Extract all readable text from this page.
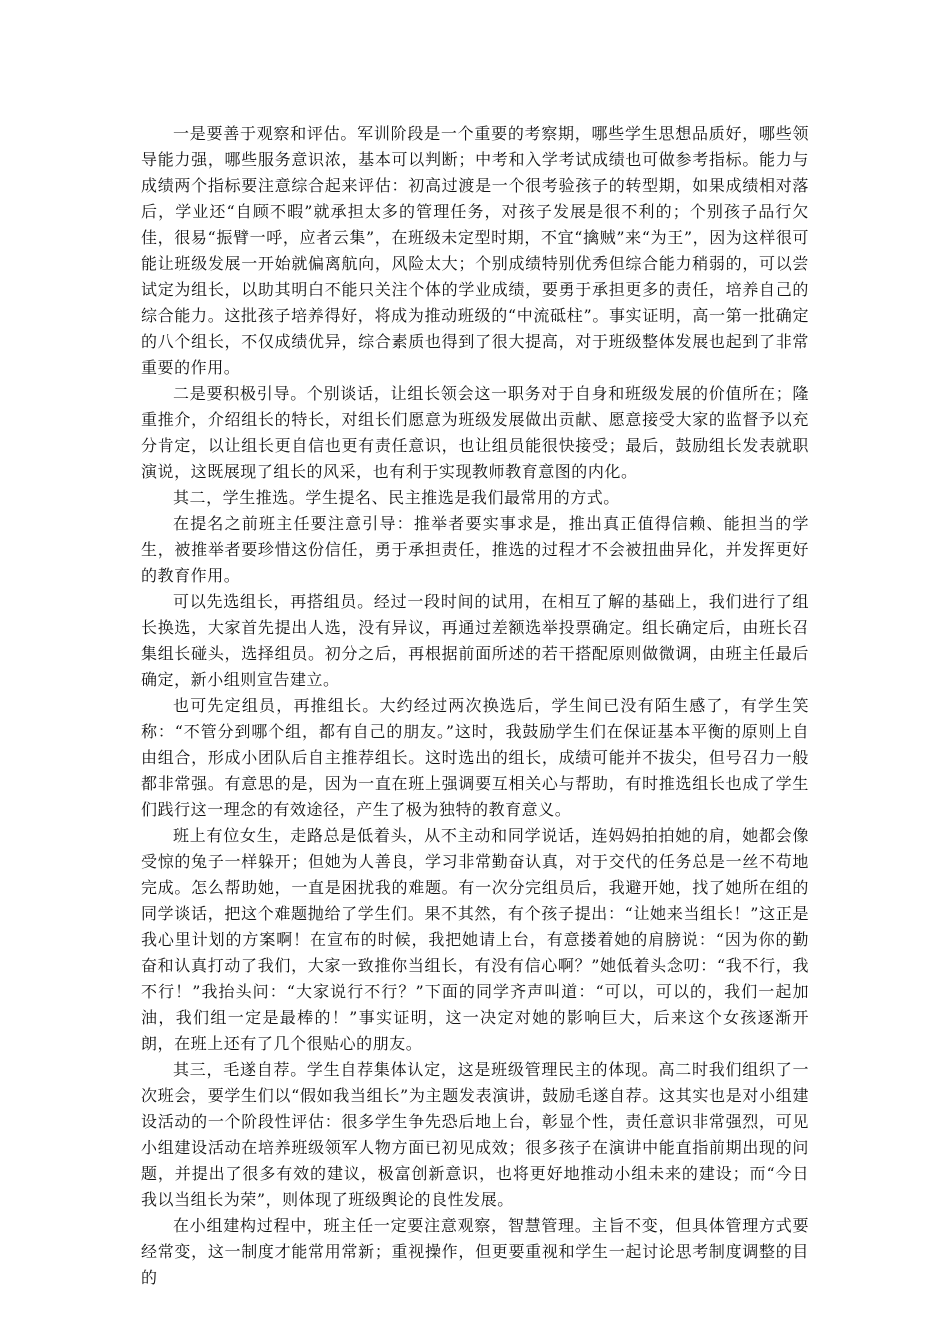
一是要善于观察和评估。军训阶段是一个重要的考察期，哪些学生思想品质好，哪些领导能力强，哪些服务意识浓，基本可以判断；中考和入学考试成绩也可做参考指标。能力与成绩两个指标要注意综合起来评估：初高过渡是一个很考验孩子的转型期，如果成绩相对落后，学业还“自顾不暇”就承担太多的管理任务，对孩子发展是很不利的；个别孩子品行欠佳，很易“振臂一呼，应者云集”，在班级未定型时期，不宜“擒贼”来“为王”，因为这样很可能让班级发展一开始就偏离航向，风险太大；个别成绩特别优秀但综合能力稍弱的，可以尝试定为组长，以助其明白不能只关注个体的学业成绩，要勇于承担更多的责任，培养自己的综合能力。这批孩子培养得好，将成为推动班级的“中流砥柱”。事实证明，高一第一批确定的八个组长，不仅成绩优异，综合素质也得到了很大提高，对于班级整体发展也起到了非常重要的作用。

二是要积极引导。个别谈话，让组长领会这一职务对于自身和班级发展的价值所在；隆重推介，介绍组长的特长，对组长们愿意为班级发展做出贡献、愿意接受大家的监督予以充分肯定，以让组长更自信也更有责任意识，也让组员能很快接受；最后，鼓励组长发表就职演说，这既展现了组长的风采，也有利于实现教师教育意图的内化。

其二，学生推选。学生提名、民主推选是我们最常用的方式。

在提名之前班主任要注意引导：推举者要实事求是，推出真正值得信赖、能担当的学生，被推举者要珍惜这份信任，勇于承担责任，推选的过程才不会被扭曲异化，并发挥更好的教育作用。

可以先选组长，再搭组员。经过一段时间的试用，在相互了解的基础上，我们进行了组长换选，大家首先提出人选，没有异议，再通过差额选举投票确定。组长确定后，由班长召集组长碰头，选择组员。初分之后，再根据前面所述的若干搭配原则做微调，由班主任最后确定，新小组则宣告建立。

也可先定组员，再推组长。大约经过两次换选后，学生间已没有陌生感了，有学生笑称：“不管分到哪个组，都有自己的朋友。”这时，我鼓励学生们在保证基本平衡的原则上自由组合，形成小团队后自主推荐组长。这时选出的组长，成绩可能并不拔尖，但号召力一般都非常强。有意思的是，因为一直在班上强调要互相关心与帮助，有时推选组长也成了学生们践行这一理念的有效途径，产生了极为独特的教育意义。

班上有位女生，走路总是低着头，从不主动和同学说话，连妈妈拍拍她的肩，她都会像受惊的兔子一样躲开；但她为人善良，学习非常勤奋认真，对于交代的任务总是一丝不苟地完成。怎么帮助她，一直是困扰我的难题。有一次分完组员后，我避开她，找了她所在组的同学谈话，把这个难题抛给了学生们。果不其然，有个孩子提出：“让她来当组长！”这正是我心里计划的方案啊！在宣布的时候，我把她请上台，有意搂着她的肩膀说：“因为你的勤奋和认真打动了我们，大家一致推你当组长，有没有信心啊？”她低着头念叨：“我不行，我不行！”我抬头问：“大家说行不行？”下面的同学齐声叫道：“可以，可以的，我们一起加油，我们组一定是最棒的！”事实证明，这一决定对她的影响巨大，后来这个女孩逐渐开朗，在班上还有了几个很贴心的朋友。

其三，毛遂自荐。学生自荐集体认定，这是班级管理民主的体现。高二时我们组织了一次班会，要学生们以“假如我当组长”为主题发表演讲，鼓励毛遂自荐。这其实也是对小组建设活动的一个阶段性评估：很多学生争先恐后地上台，彰显个性，责任意识非常强烈，可见小组建设活动在培养班级领军人物方面已初见成效；很多孩子在演讲中能直指前期出现的问题，并提出了很多有效的建议，极富创新意识，也将更好地推动小组未来的建设；而“今日我以当组长为荣”，则体现了班级舆论的良性发展。

在小组建构过程中，班主任一定要注意观察，智慧管理。主旨不变，但具体管理方式要经常变，这一制度才能常用常新；重视操作，但更要重视和学生一起讨论思考制度调整的目的
